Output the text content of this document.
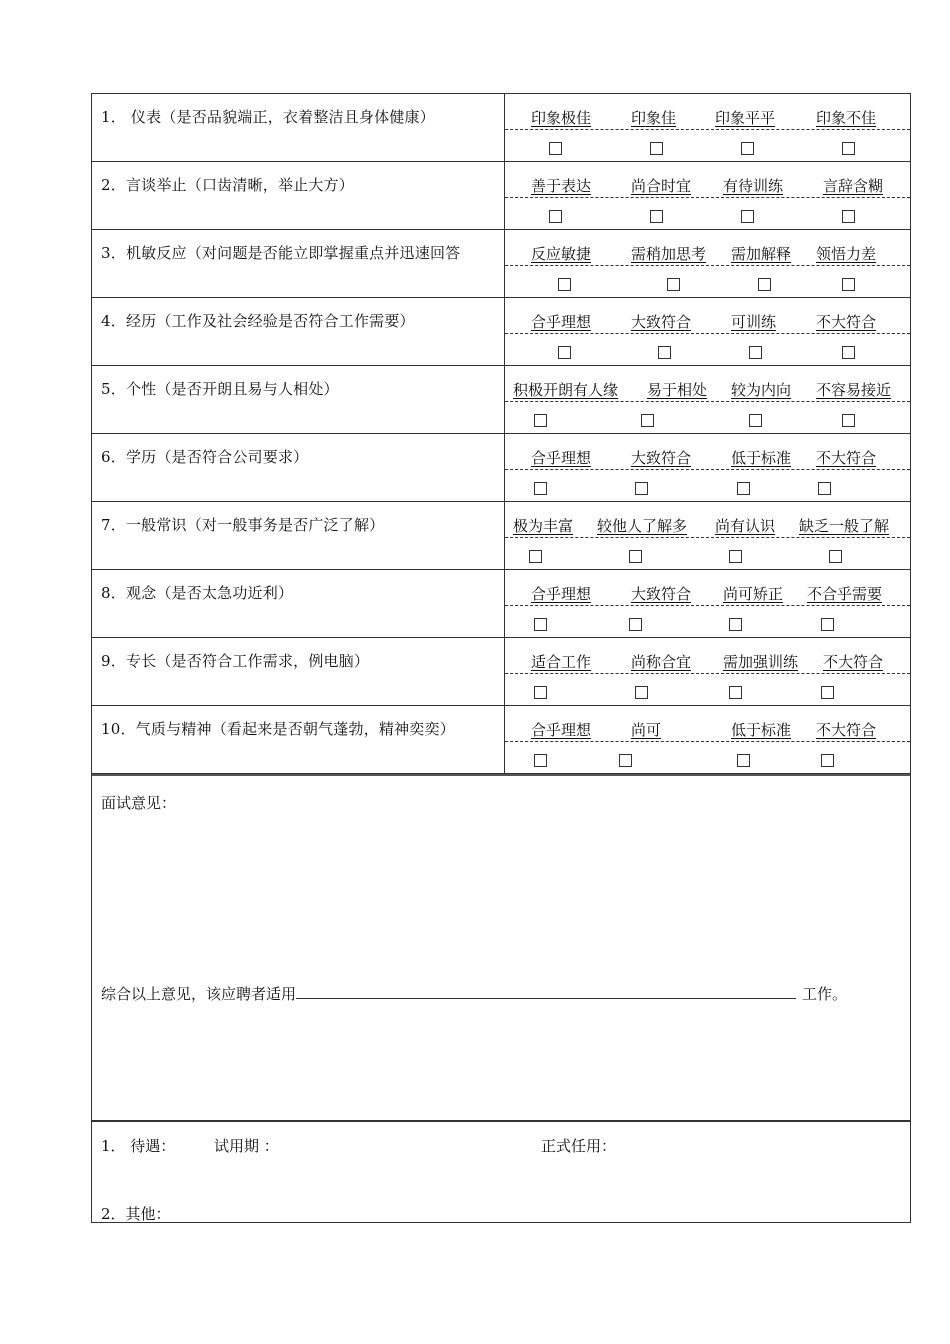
1． 仪表（是否品貌端正，衣着整洁且身体健康）	印象极佳 印象佳 印象平平 印象不佳

2．言谈举止（口齿清晰，举止大方）	善于表达 尚合时宜 有待训练 言辞含糊

3．机敏反应（对问题是否能立即掌握重点并迅速回答	反应敏捷 需稍加思考 需加解释 领悟力差

4．经历（工作及社会经验是否符合工作需要）	合乎理想 大致符合 可训练 不大符合

5．个性（是否开朗且易与人相处）	积极开朗有人缘 易于相处 较为内向 不容易接近

6．学历（是否符合公司要求）	合乎理想 大致符合 低于标准 不大符合

7．一般常识（对一般事务是否广泛了解）	极为丰富 较他人了解多 尚有认识 缺乏一般了解

8．观念（是否太急功近利）	合乎理想 大致符合 尚可矫正 不合乎需要

9．专长（是否符合工作需求，例电脑）	适合工作 尚称合宜 需加强训练 不大符合

10．气质与精神（看起来是否朝气蓬勃，精神奕奕）	合乎理想 尚可 低于标准 不大符合
面试意见：
综合以上意见，该应聘者适用	工作。
1． 待遇：	试用期 ：	正式任用：
2．其他：
